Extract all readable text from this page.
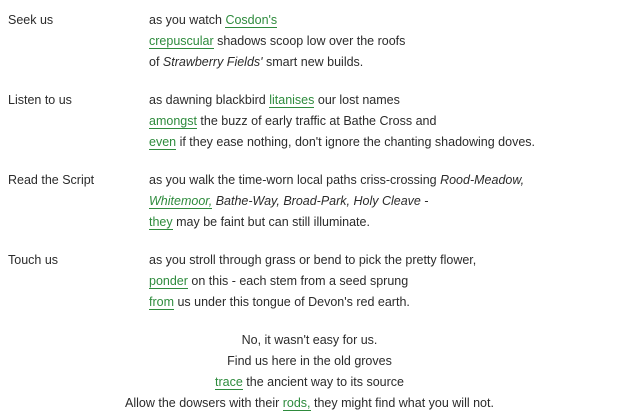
Seek us	as you watch Cosdon's
crepuscular shadows scoop low over the roofs
of Strawberry Fields' smart new builds.
Listen to us	as dawning blackbird litanises our lost names
amongst the buzz of early traffic at Bathe Cross and
even if they ease nothing, don't ignore the chanting shadowing doves.
Read the Script	as you walk the time-worn local paths criss-crossing Rood-Meadow,
Whitemoor, Bathe-Way, Broad-Park, Holy Cleave -
they may be faint but can still illuminate.
Touch us	as you stroll through grass or bend to pick the pretty flower,
ponder on this - each stem from a seed sprung
from us under this tongue of Devon's red earth.
No, it wasn't easy for us.
Find us here in the old groves
trace the ancient way to its source
Allow the dowsers with their rods, they might find what you will not.
